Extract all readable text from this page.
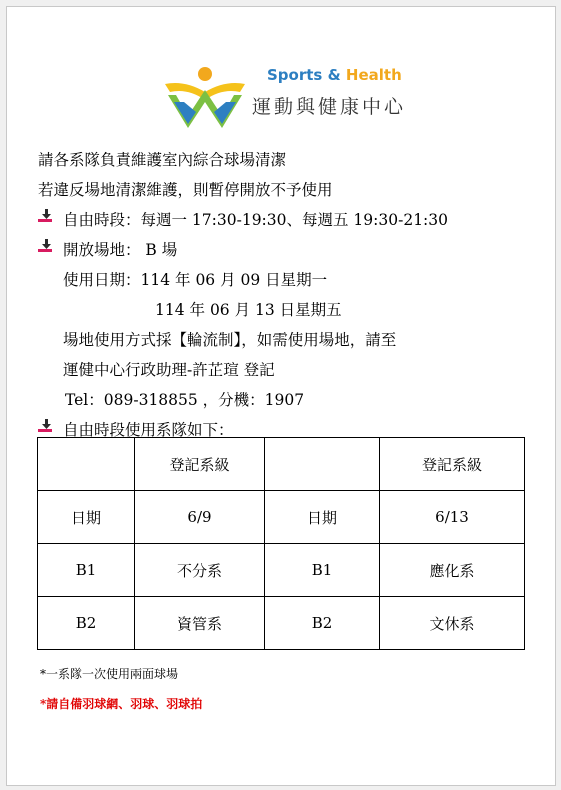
Sports & Health
運動與健康中心
請各系隊負責維護室內綜合球場清潔
若違反場地清潔維護，則暫停開放不予使用
自由時段：每週一 17:30-19:30、每週五 19:30-21:30
開放場地： B 場
使用日期：114 年 06 月 09 日星期一
114 年 06 月 13 日星期五
場地使用方式採【輪流制】，如需使用場地，請至
運健中心行政助理-許芷瑄 登記
Tel：089-318855 ，分機：1907
自由時段使用系隊如下：
	登記系級		登記系級
日期	6/9	日期	6/13
B1	不分系	B1	應化系
B2	資管系	B2	文休系
*一系隊一次使用兩面球場
*請自備羽球網、羽球、羽球拍
